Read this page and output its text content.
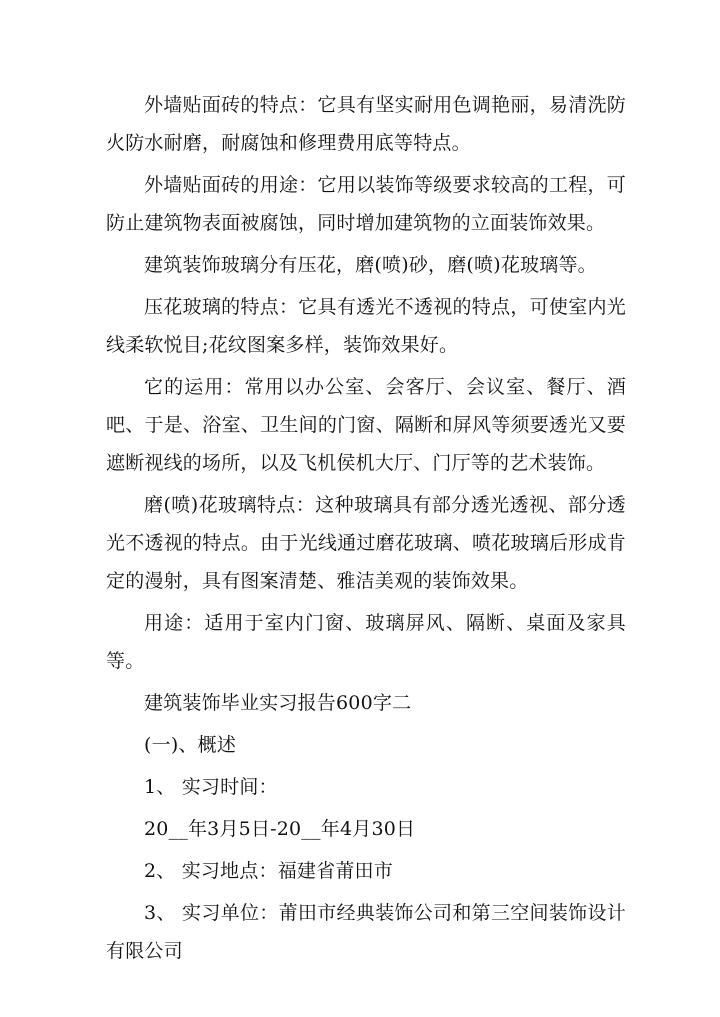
外墙贴面砖的特点：它具有坚实耐用色调艳丽，易清洗防火防水耐磨，耐腐蚀和修理费用底等特点。

外墙贴面砖的用途：它用以装饰等级要求较高的工程，可防止建筑物表面被腐蚀，同时增加建筑物的立面装饰效果。

建筑装饰玻璃分有压花，磨(喷)砂，磨(喷)花玻璃等。

压花玻璃的特点：它具有透光不透视的特点，可使室内光线柔软悦目;花纹图案多样，装饰效果好。

它的运用：常用以办公室、会客厅、会议室、餐厅、酒吧、于是、浴室、卫生间的门窗、隔断和屏风等须要透光又要遮断视线的场所，以及飞机侯机大厅、门厅等的艺术装饰。

磨(喷)花玻璃特点：这种玻璃具有部分透光透视、部分透光不透视的特点。由于光线通过磨花玻璃、喷花玻璃后形成肯定的漫射，具有图案清楚、雅洁美观的装饰效果。

用途：适用于室内门窗、玻璃屏风、隔断、桌面及家具等。

建筑装饰毕业实习报告600字二

(一)、概述

1、 实习时间：

20__年3月5日-20__年4月30日

2、 实习地点：福建省莆田市

3、 实习单位：莆田市经典装饰公司和第三空间装饰设计有限公司
